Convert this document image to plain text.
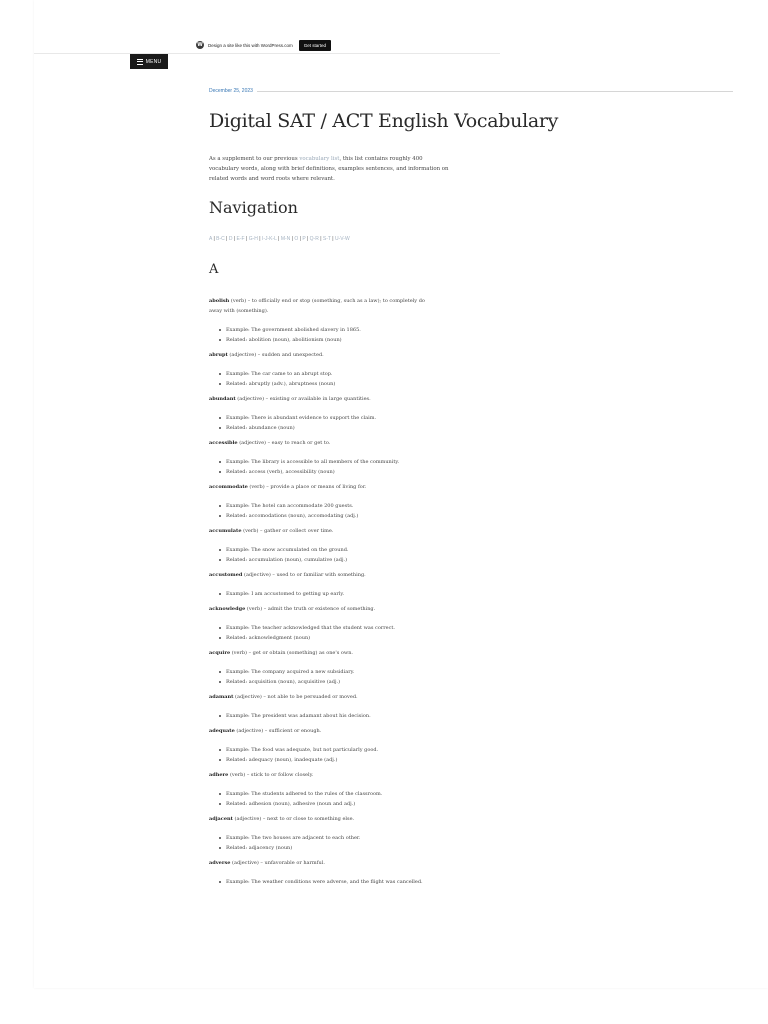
W Design a site like this with WordPress.com	Get started
MENU
December 25, 2023
Digital SAT / ACT English Vocabulary

As a supplement to our previous vocabulary list, this list contains roughly 400 vocabulary words, along with brief definitions, examples sentences, and information on related words and word roots where relevant.

Navigation
A | B-C | D | E-F | G-H | I-J-K-L | M-N | O | P | Q-R | S-T | U-V-W
A

abolish (verb) – to officially end or stop (something, such as a law); to completely do away with (something).

Example: The government abolished slavery in 1865.
Related: abolition (noun), abolitionism (noun)

abrupt (adjective) – sudden and unexpected.

Example: The car came to an abrupt stop.
Related: abruptly (adv.), abruptness (noun)

abundant (adjective) – existing or available in large quantities.

Example: There is abundant evidence to support the claim.
Related: abundance (noun)

accessible (adjective) – easy to reach or get to.

Example: The library is accessible to all members of the community.
Related: access (verb), accessibility (noun)

accommodate (verb) – provide a place or means of living for.

Example: The hotel can accommodate 200 guests.
Related: accomodations (noun), accomodating (adj.)

accumulate (verb) – gather or collect over time.

Example: The snow accumulated on the ground.
Related: accumulation (noun), cumulative (adj.)

accustomed (adjective) – used to or familiar with something.

Example: I am accustomed to getting up early.

acknowledge (verb) – admit the truth or existence of something.

Example: The teacher acknowledged that the student was correct.
Related: acknowledgment (noun)

acquire (verb) – get or obtain (something) as one's own.

Example: The company acquired a new subsidiary.
Related: acquisition (noun), acquisitive (adj.)

adamant (adjective) – not able to be persuaded or moved.

Example: The president was adamant about his decision.

adequate (adjective) – sufficient or enough.

Example: The food was adequate, but not particularly good.
Related: adequacy (noun), inadequate (adj.)

adhere (verb) – stick to or follow closely.

Example: The students adhered to the rules of the classroom.
Related: adhesion (noun), adhesive (noun and adj.)

adjacent (adjective) – next to or close to something else.

Example: The two houses are adjacent to each other.
Related: adjacency (noun)

adverse (adjective) – unfavorable or harmful.

Example: The weather conditions were adverse, and the flight was cancelled.
